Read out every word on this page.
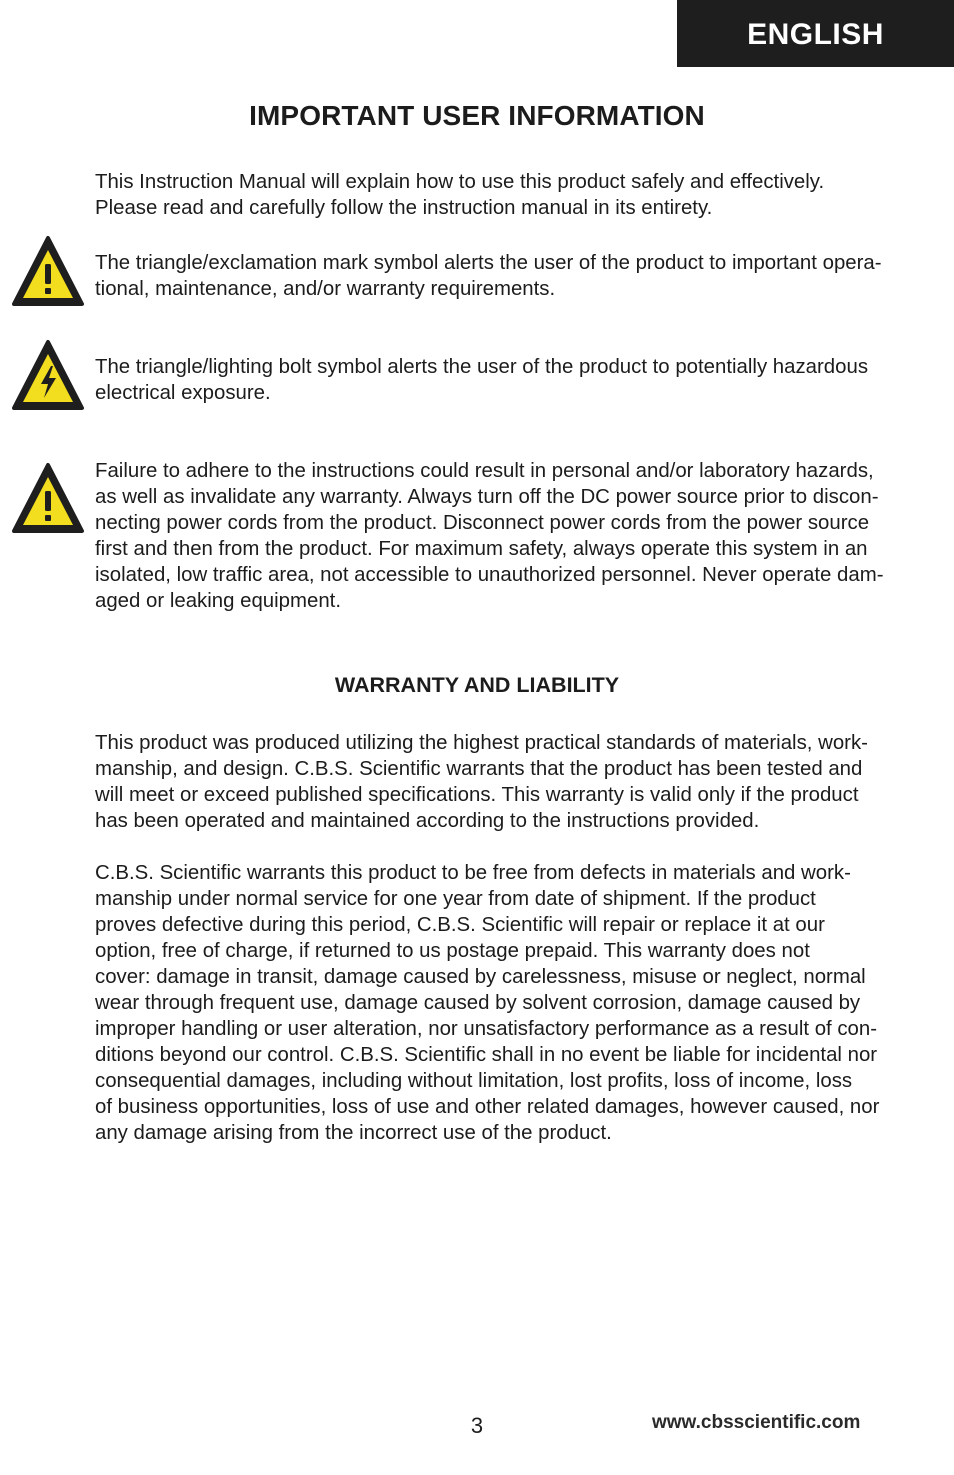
ENGLISH
IMPORTANT USER INFORMATION

This Instruction Manual will explain how to use this product safely and effectively.
Please read and carefully follow the instruction manual in its entirety.

The triangle/exclamation mark symbol alerts the user of the product to important opera-
tional, maintenance, and/or warranty requirements.

The triangle/lighting bolt symbol alerts the user of the product to potentially hazardous
electrical exposure.

Failure to adhere to the instructions could result in personal and/or laboratory hazards,
as well as invalidate any warranty. Always turn off the DC power source prior to discon-
necting power cords from the product. Disconnect power cords from the power source
first and then from the product. For maximum safety, always operate this system in an
isolated, low traffic area, not accessible to unauthorized personnel. Never operate dam-
aged or leaking equipment.

WARRANTY AND LIABILITY

This product was produced utilizing the highest practical standards of materials, work-
manship, and design. C.B.S. Scientific warrants that the product has been tested and
will meet or exceed published specifications. This warranty is valid only if the product
has been operated and maintained according to the instructions provided.

C.B.S. Scientific warrants this product to be free from defects in materials and work-
manship under normal service for one year from date of shipment. If the product
proves defective during this period, C.B.S. Scientific will repair or replace it at our
option, free of charge, if returned to us postage prepaid. This warranty does not
cover: damage in transit, damage caused by carelessness, misuse or neglect, normal
wear through frequent use, damage caused by solvent corrosion, damage caused by
improper handling or user alteration, nor unsatisfactory performance as a result of con-
ditions beyond our control. C.B.S. Scientific shall in no event be liable for incidental nor
consequential damages, including without limitation, lost profits, loss of income, loss
of business opportunities, loss of use and other related damages, however caused, nor
any damage arising from the incorrect use of the product.

3	www.cbsscientific.com
